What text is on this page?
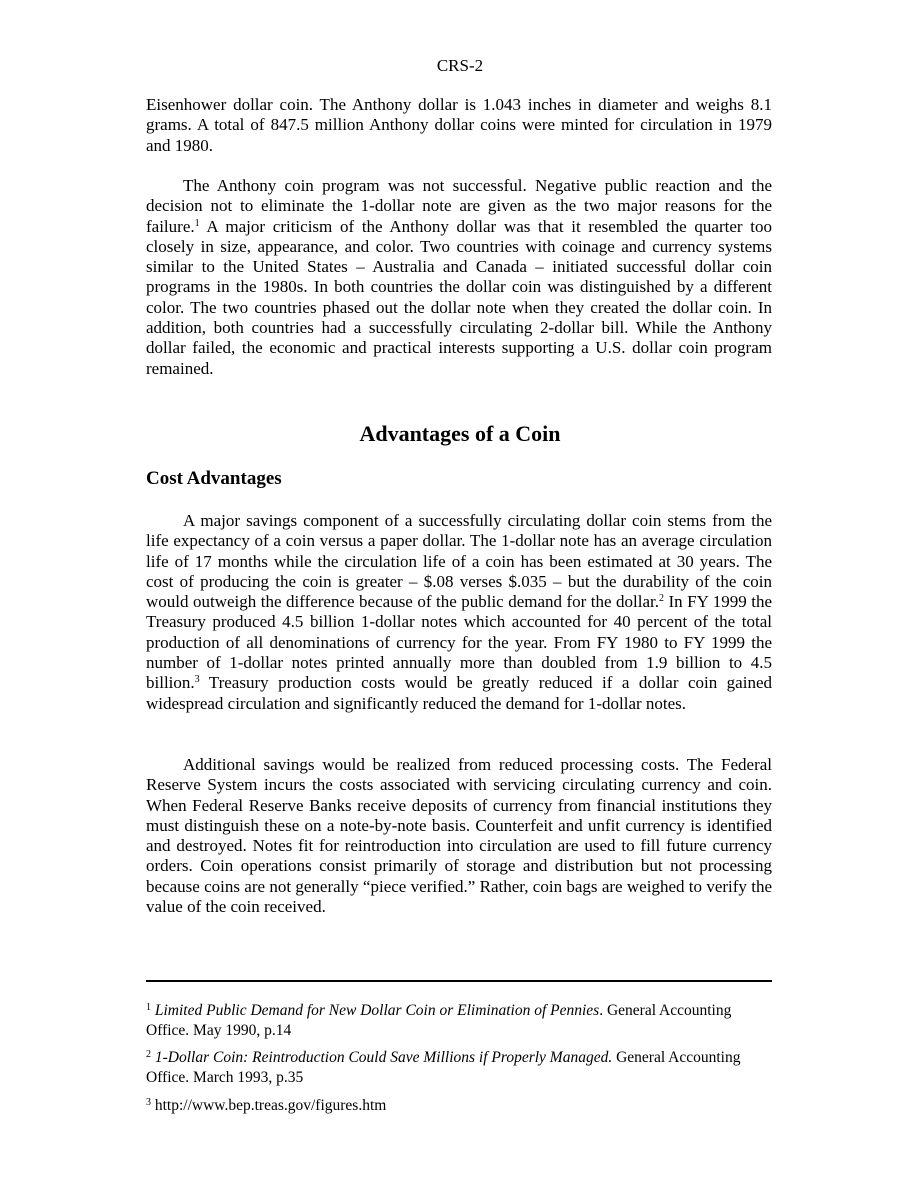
CRS-2

Eisenhower dollar coin. The Anthony dollar is 1.043 inches in diameter and weighs 8.1 grams. A total of 847.5 million Anthony dollar coins were minted for circulation in 1979 and 1980.

The Anthony coin program was not successful. Negative public reaction and the decision not to eliminate the 1-dollar note are given as the two major reasons for the failure.$^1$ A major criticism of the Anthony dollar was that it resembled the quarter too closely in size, appearance, and color. Two countries with coinage and currency systems similar to the United States – Australia and Canada – initiated successful dollar coin programs in the 1980s. In both countries the dollar coin was distinguished by a different color. The two countries phased out the dollar note when they created the dollar coin. In addition, both countries had a successfully circulating 2-dollar bill. While the Anthony dollar failed, the economic and practical interests supporting a U.S. dollar coin program remained.

Advantages of a Coin
Cost Advantages

A major savings component of a successfully circulating dollar coin stems from the life expectancy of a coin versus a paper dollar. The 1-dollar note has an average circulation life of 17 months while the circulation life of a coin has been estimated at 30 years. The cost of producing the coin is greater – $.08 verses $.035 – but the durability of the coin would outweigh the difference because of the public demand for the dollar.$^2$ In FY 1999 the Treasury produced 4.5 billion 1-dollar notes which accounted for 40 percent of the total production of all denominations of currency for the year. From FY 1980 to FY 1999 the number of 1-dollar notes printed annually more than doubled from 1.9 billion to 4.5 billion.$^3$ Treasury production costs would be greatly reduced if a dollar coin gained widespread circulation and significantly reduced the demand for 1-dollar notes.

Additional savings would be realized from reduced processing costs. The Federal Reserve System incurs the costs associated with servicing circulating currency and coin. When Federal Reserve Banks receive deposits of currency from financial institutions they must distinguish these on a note-by-note basis. Counterfeit and unfit currency is identified and destroyed. Notes fit for reintroduction into circulation are used to fill future currency orders. Coin operations consist primarily of storage and distribution but not processing because coins are not generally “piece verified.” Rather, coin bags are weighed to verify the value of the coin received.

$^1$ Limited Public Demand for New Dollar Coin or Elimination of Pennies. General Accounting Office. May 1990, p.14
$^2$ 1-Dollar Coin: Reintroduction Could Save Millions if Properly Managed. General Accounting Office. March 1993, p.35
$^3$ http://www.bep.treas.gov/figures.htm
